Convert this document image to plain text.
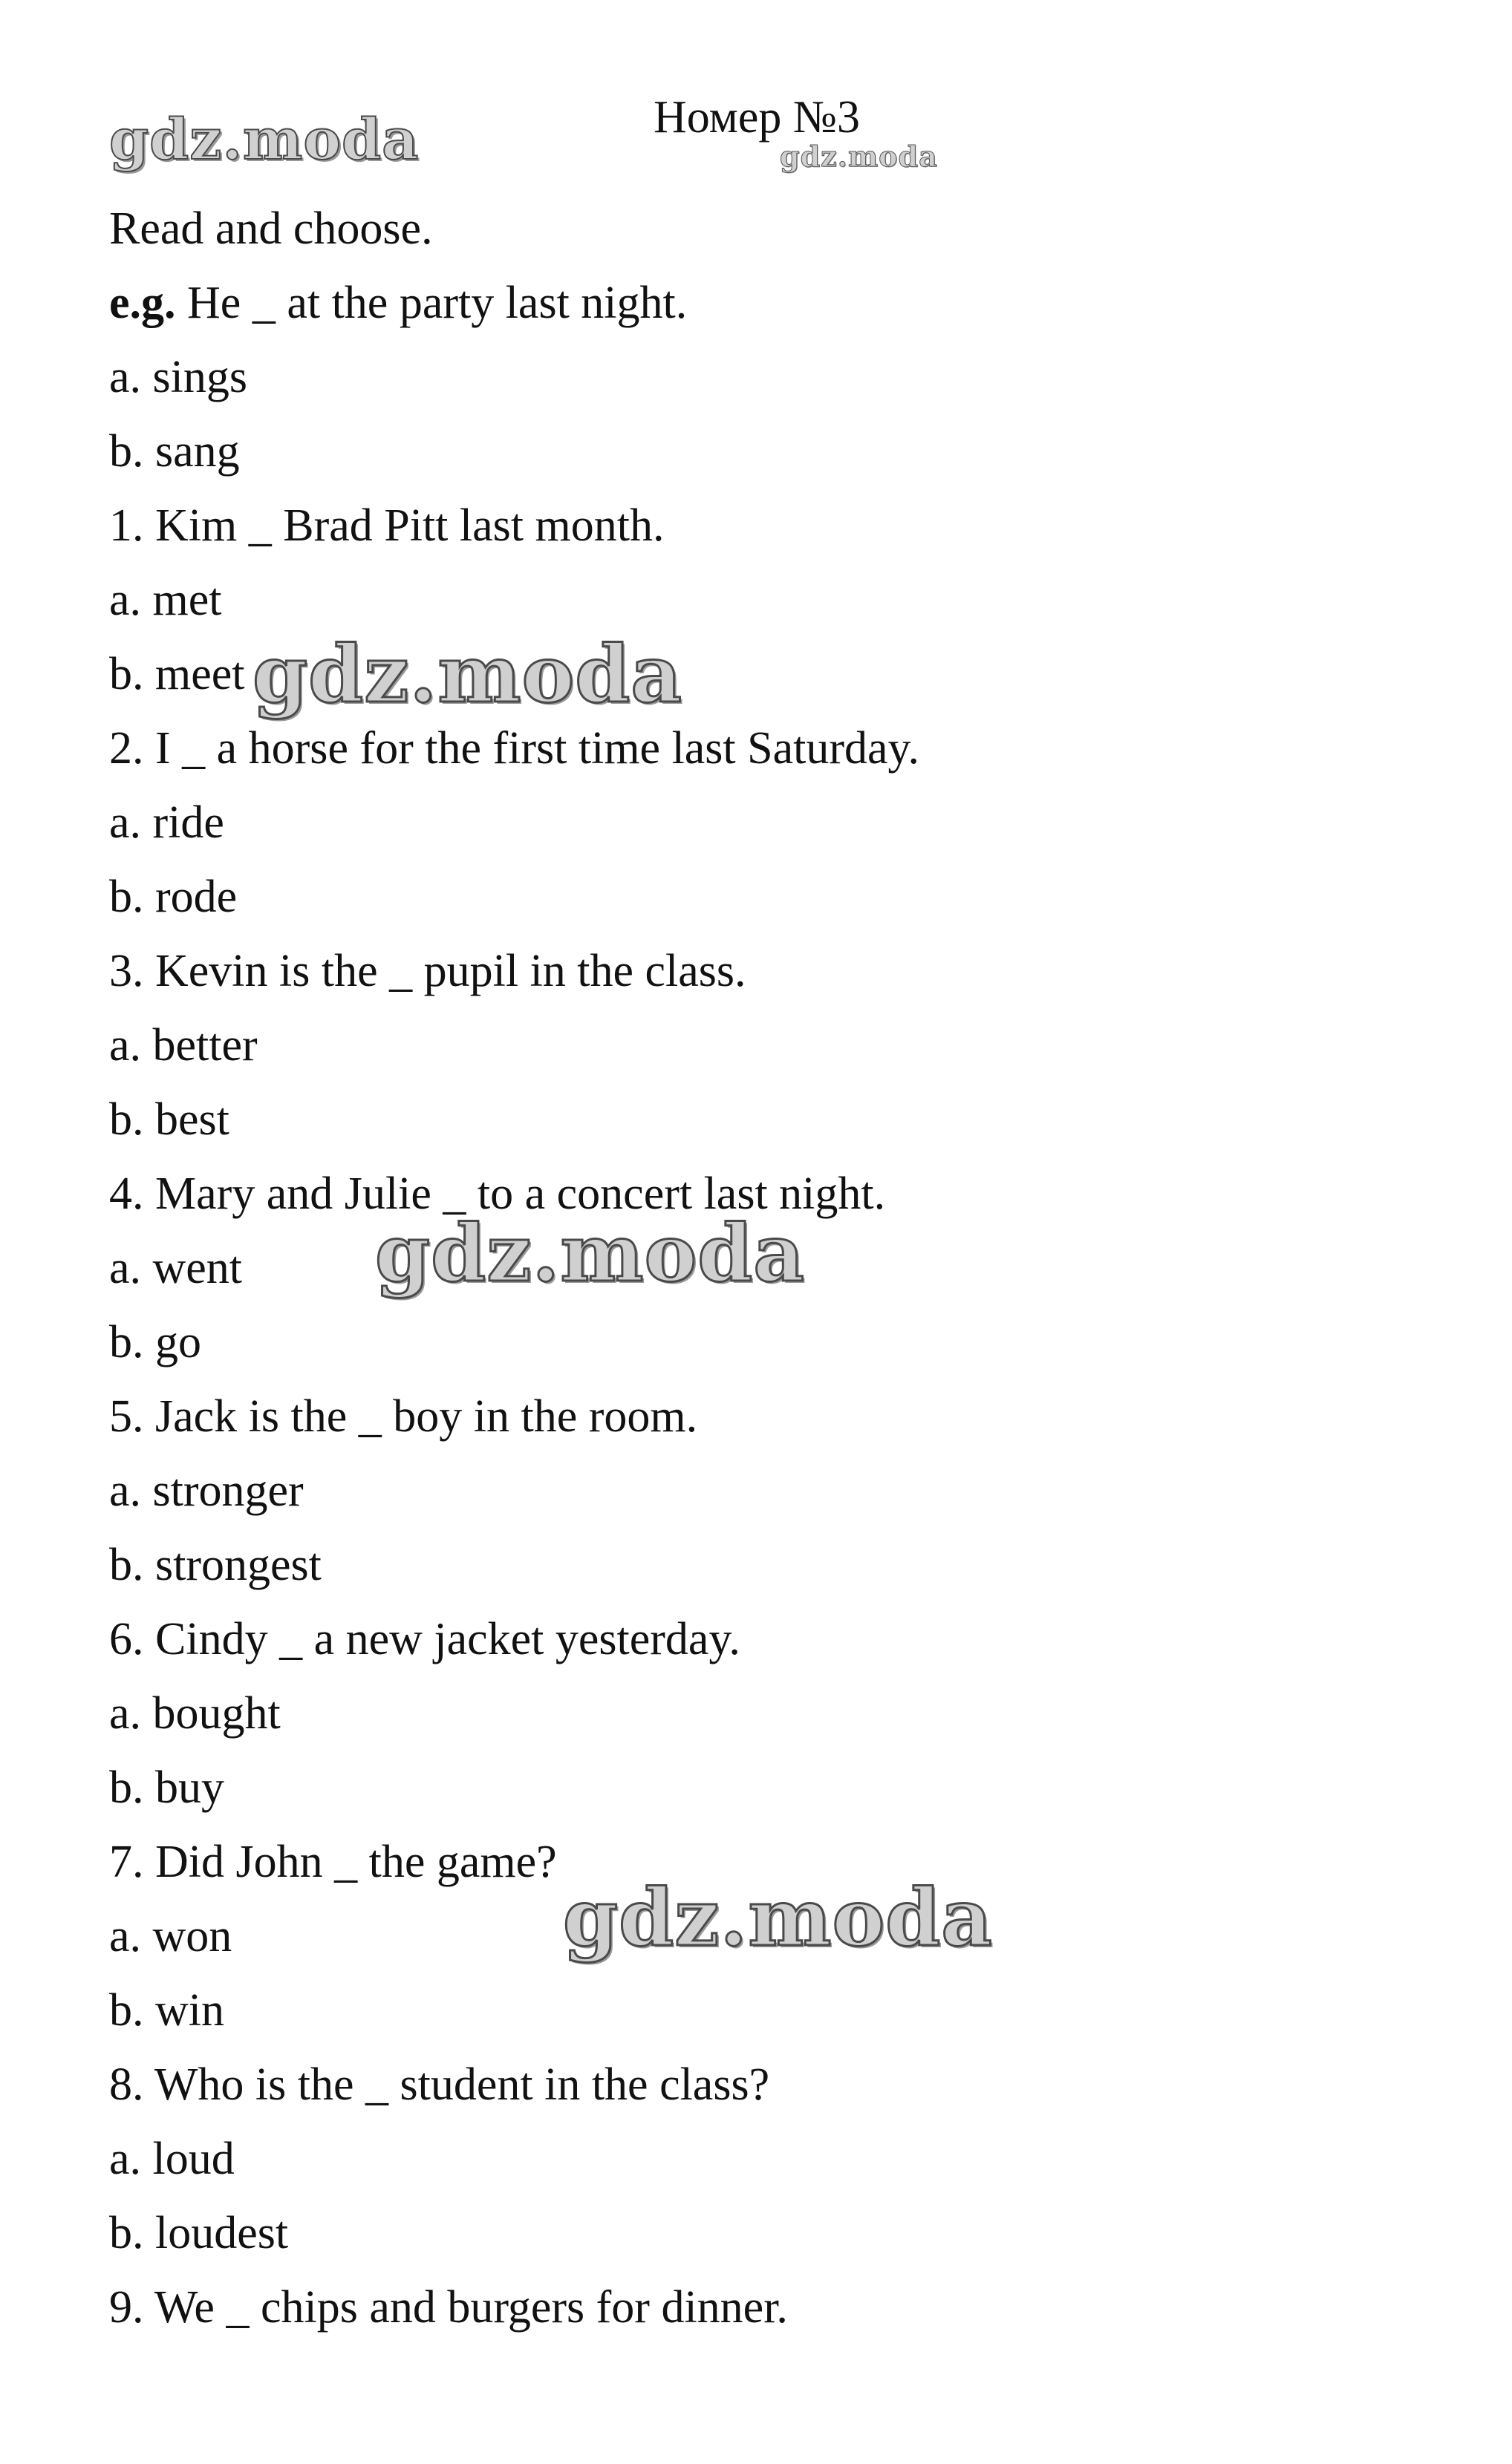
gdz.moda	gdz.moda
gdz.moda
gdz.moda
gdz.moda
Номер №3
Read and choose.
e.g. He _ at the party last night.
a. sings
b. sang
1. Kim _ Brad Pitt last month.
a. met
b. meet
2. I _ a horse for the first time last Saturday.
a. ride
b. rode
3. Kevin is the _ pupil in the class.
a. better
b. best
4. Mary and Julie _ to a concert last night.
a. went
b. go
5. Jack is the _ boy in the room.
a. stronger
b. strongest
6. Cindy _ a new jacket yesterday.
a. bought
b. buy
7. Did John _ the game?
a. won
b. win
8. Who is the _ student in the class?
a. loud
b. loudest
9. We _ chips and burgers for dinner.
